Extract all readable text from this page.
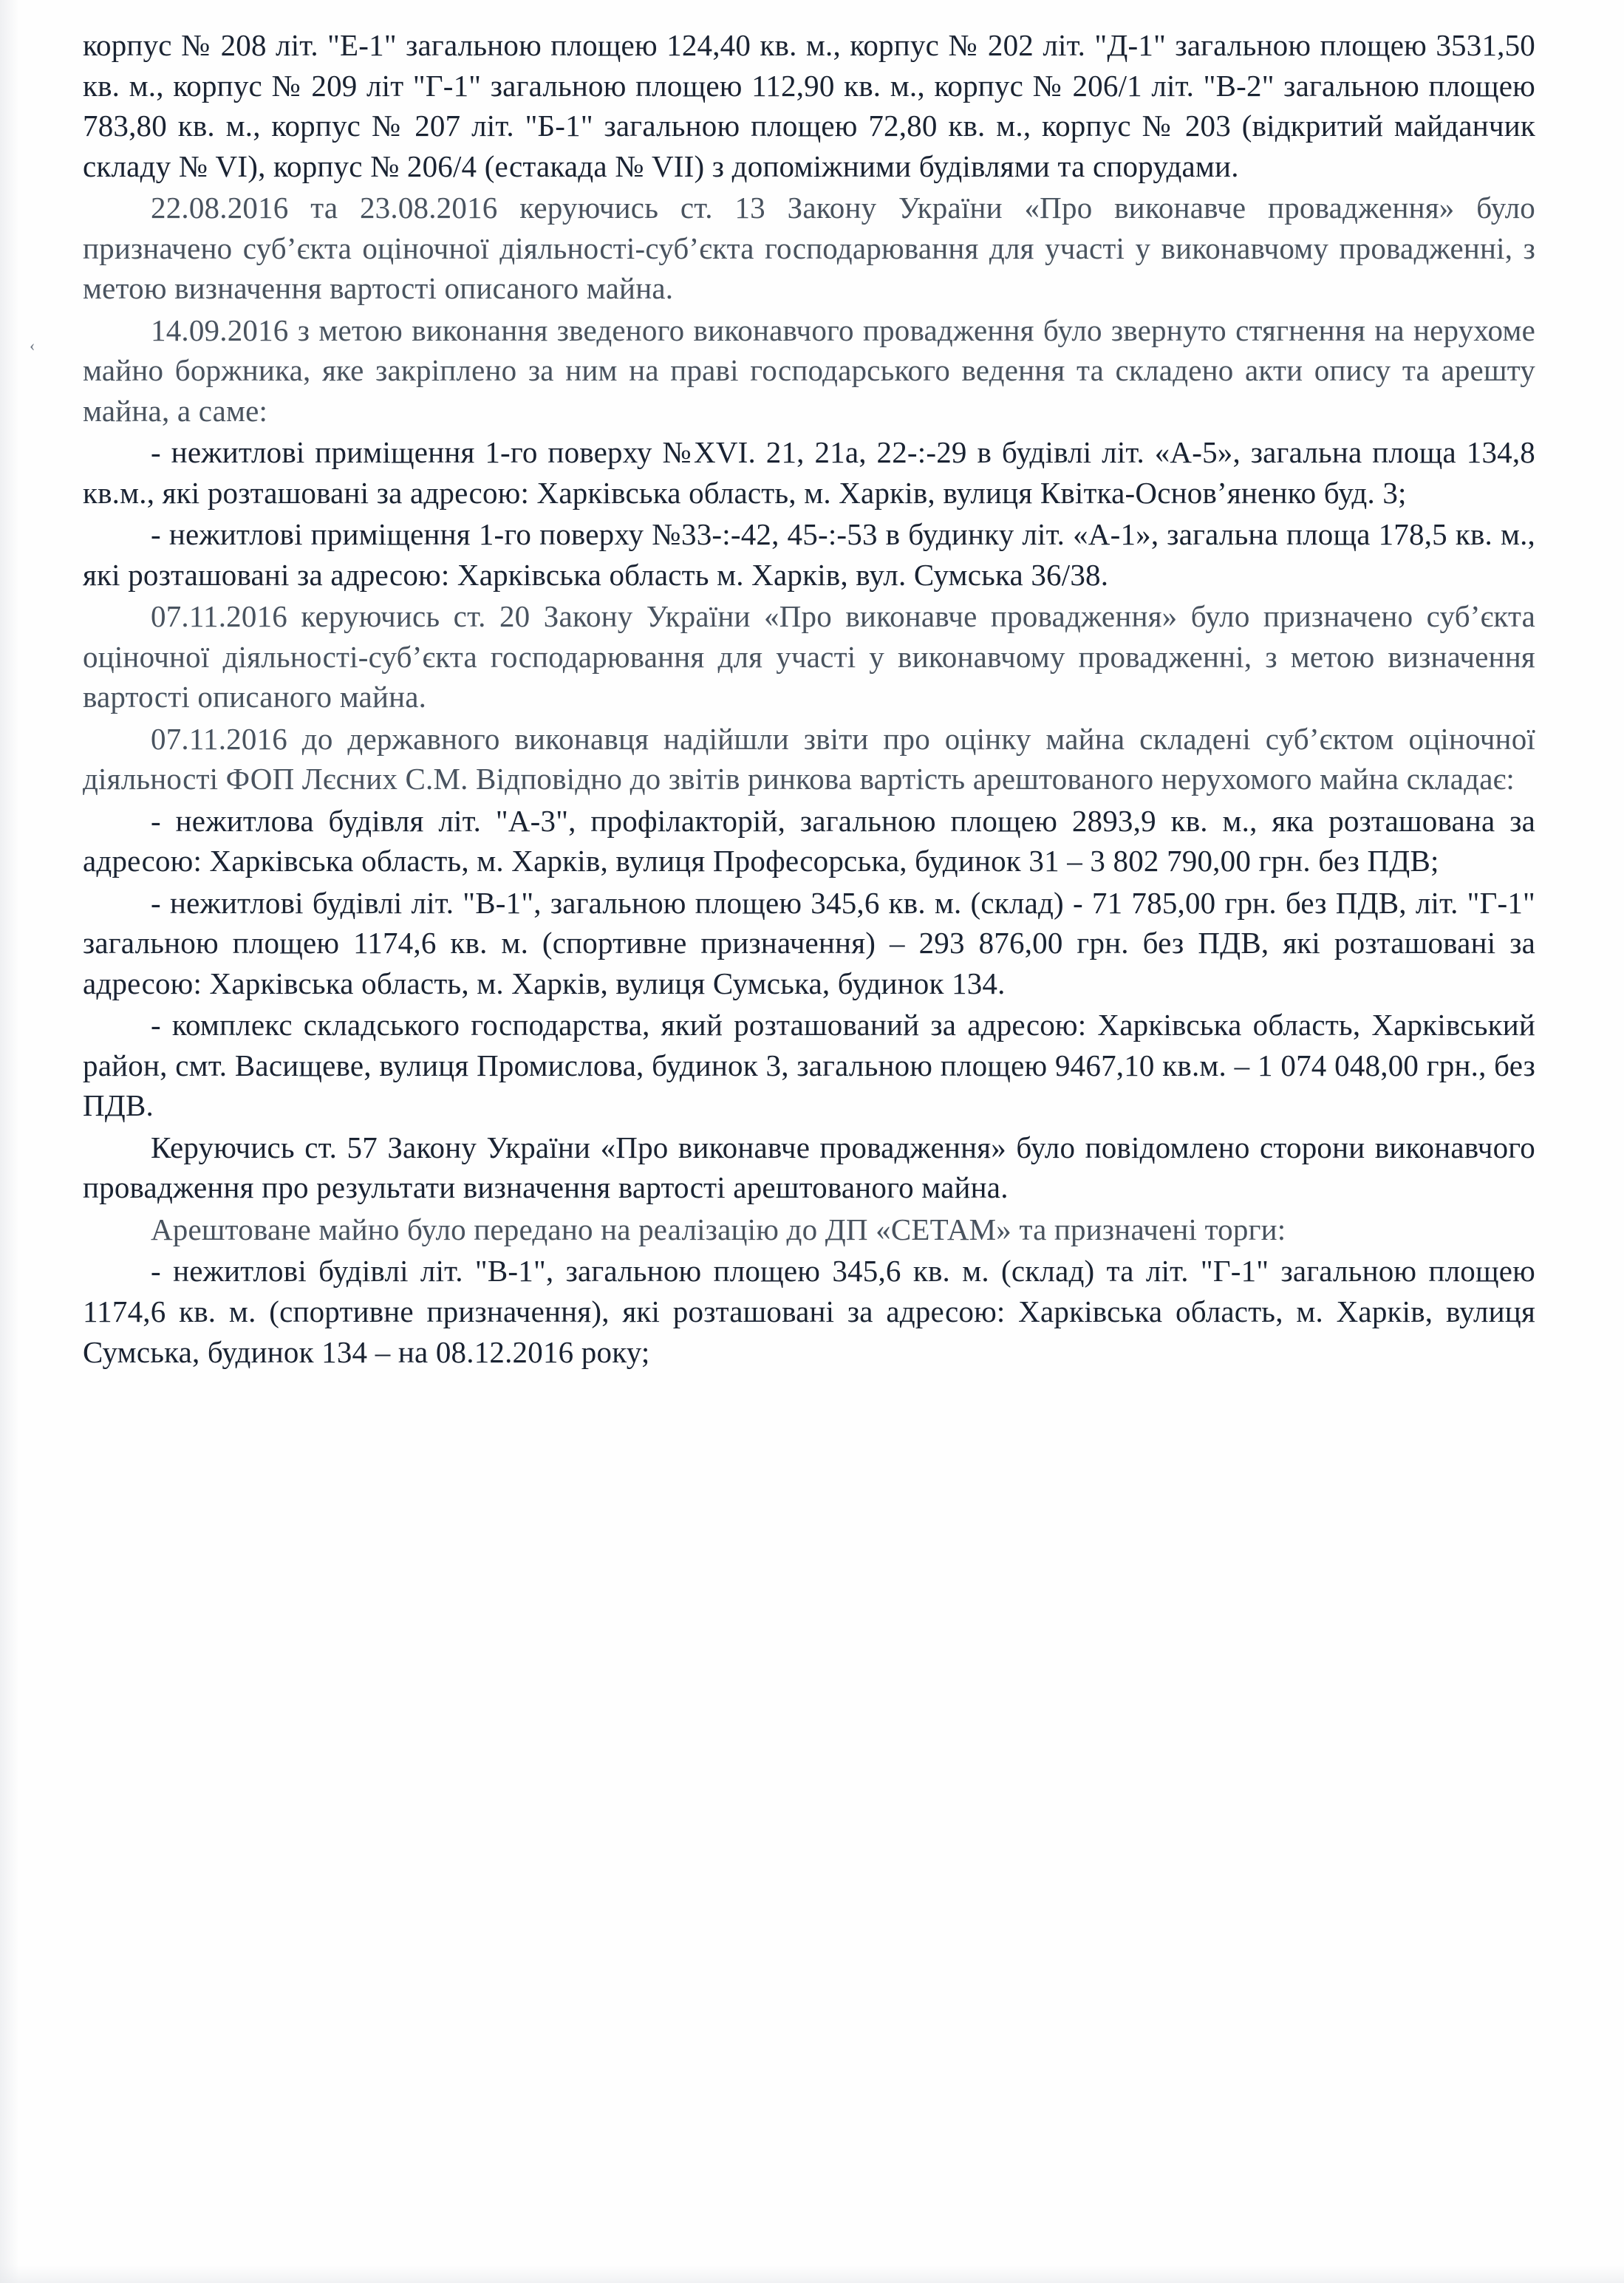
‹

корпус № 208 літ. "Е-1" загальною площею 124,40 кв. м., корпус № 202 літ. "Д-1" загальною площею 3531,50 кв. м., корпус № 209 літ "Г-1" загальною площею 112,90 кв. м., корпус № 206/1 літ. "В-2" загальною площею 783,80 кв. м., корпус № 207 літ. "Б-1" загальною площею 72,80 кв. м., корпус № 203 (відкритий майданчик складу № VI), корпус № 206/4 (естакада № VII) з допоміжними будівлями та спорудами.

22.08.2016 та 23.08.2016 керуючись ст. 13 Закону України «Про виконавче провадження» було призначено суб’єкта оціночної діяльності-суб’єкта господарювання для участі у виконавчому провадженні, з метою визначення вартості описаного майна.

14.09.2016 з метою виконання зведеного виконавчого провадження було звернуто стягнення на нерухоме майно боржника, яке закріплено за ним на праві господарського ведення та складено акти опису та арешту майна, а саме:

- нежитлові приміщення 1-го поверху №XVI. 21, 21а, 22-:-29 в будівлі літ. «А-5», загальна площа 134,8 кв.м., які розташовані за адресою: Харківська область, м. Харків, вулиця Квітка-Основ’яненко буд. 3;

- нежитлові приміщення 1-го поверху №33-:-42, 45-:-53 в будинку літ. «А-1», загальна площа 178,5 кв. м., які розташовані за адресою: Харківська область м. Харків, вул. Сумська 36/38.

07.11.2016 керуючись ст. 20 Закону України «Про виконавче провадження» було призначено суб’єкта оціночної діяльності-суб’єкта господарювання для участі у виконавчому провадженні, з метою визначення вартості описаного майна.

07.11.2016 до державного виконавця надійшли звіти про оцінку майна складені суб’єктом оціночної діяльності ФОП Лєсних С.М. Відповідно до звітів ринкова вартість арештованого нерухомого майна складає:

- нежитлова будівля літ. "А-3", профілакторій, загальною площею 2893,9 кв. м., яка розташована за адресою: Харківська область, м. Харків, вулиця Професорська, будинок 31 – 3 802 790,00 грн. без ПДВ;

- нежитлові будівлі літ. "В-1", загальною площею 345,6 кв. м. (склад) - 71 785,00 грн. без ПДВ, літ. "Г-1" загальною площею 1174,6 кв. м. (спортивне призначення) – 293 876,00 грн. без ПДВ, які розташовані за адресою: Харківська область, м. Харків, вулиця Сумська, будинок 134.

- комплекс складського господарства, який розташований за адресою: Харківська область, Харківський район, смт. Васищеве, вулиця Промислова, будинок 3, загальною площею 9467,10 кв.м. – 1 074 048,00 грн., без ПДВ.

Керуючись ст. 57 Закону України «Про виконавче провадження» було повідомлено сторони виконавчого провадження про результати визначення вартості арештованого майна.

Арештоване майно було передано на реалізацію до ДП «СЕТАМ» та призначені торги:

- нежитлові будівлі літ. "В-1", загальною площею 345,6 кв. м. (склад) та літ. "Г-1" загальною площею 1174,6 кв. м. (спортивне призначення), які розташовані за адресою: Харківська область, м. Харків, вулиця Сумська, будинок 134 – на 08.12.2016 року;
